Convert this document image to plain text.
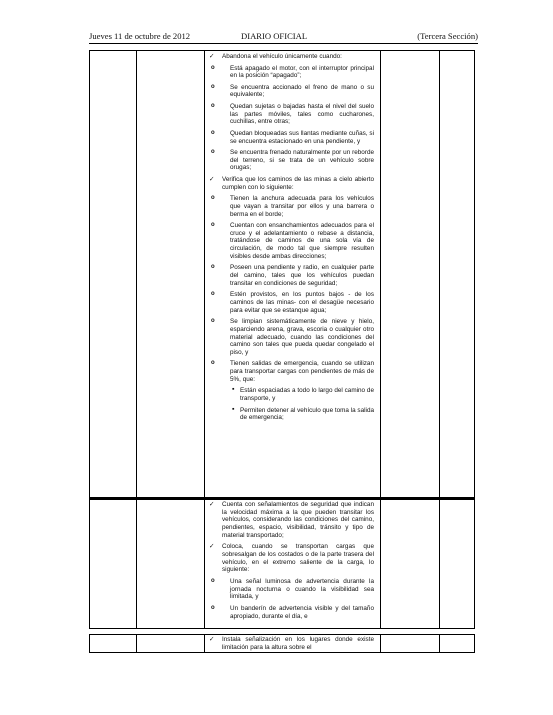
Jueves 11 de octubre de 2012	DIARIO OFICIAL	(Tercera Sección)
✓ Abandona el vehículo únicamente cuando:
o Está apagado el motor, con el interruptor principal en la posición “apagado”;
o Se encuentra accionado el freno de mano o su equivalente;
o Quedan sujetas o bajadas hasta el nivel del suelo las partes móviles, tales como cucharones, cuchillas, entre otras;
o Quedan bloqueadas sus llantas mediante cuñas, si se encuentra estacionado en una pendiente, y
o Se encuentra frenado naturalmente por un reborde del terreno, si se trata de un vehículo sobre orugas;
✓ Verifica que los caminos de las minas a cielo abierto cumplen con lo siguiente:
o Tienen la anchura adecuada para los vehículos que vayan a transitar por ellos y una barrera o berma en el borde;
o Cuentan con ensanchamientos adecuados para el cruce y el adelantamiento o rebase a distancia, tratándose de caminos de una sola vía de circulación, de modo tal que siempre resulten visibles desde ambas direcciones;
o Poseen una pendiente y radio, en cualquier parte del camino, tales que los vehículos puedan transitar en condiciones de seguridad;
o Estén provistos, en los puntos bajos - de los caminos de las minas- con el desagüe necesario para evitar que se estanque agua;
o Se limpian sistemáticamente de nieve y hielo, esparciendo arena, grava, escoria o cualquier otro material adecuado, cuando las condiciones del camino son tales que pueda quedar congelado el piso, y
o Tienen salidas de emergencia, cuando se utilizan para transportar cargas con pendientes de más de 5%, que:
▪ Están espaciadas a todo lo largo del camino de transporte, y
▪ Permiten detener al vehículo que toma la salida de emergencia;
✓ Cuenta con señalamientos de seguridad que indican la velocidad máxima a la que pueden transitar los vehículos, considerando las condiciones del camino, pendientes, espacio, visibilidad, tránsito y tipo de material transportado;
✓ Coloca, cuando se transportan cargas que sobresalgan de los costados o de la parte trasera del vehículo, en el extremo saliente de la carga, lo siguiente:
o Una señal luminosa de advertencia durante la jornada nocturna o cuando la visibilidad sea limitada, y
o Un banderín de advertencia visible y del tamaño apropiado, durante el día, e
✓ Instala señalización en los lugares donde existe limitación para la altura sobre el
